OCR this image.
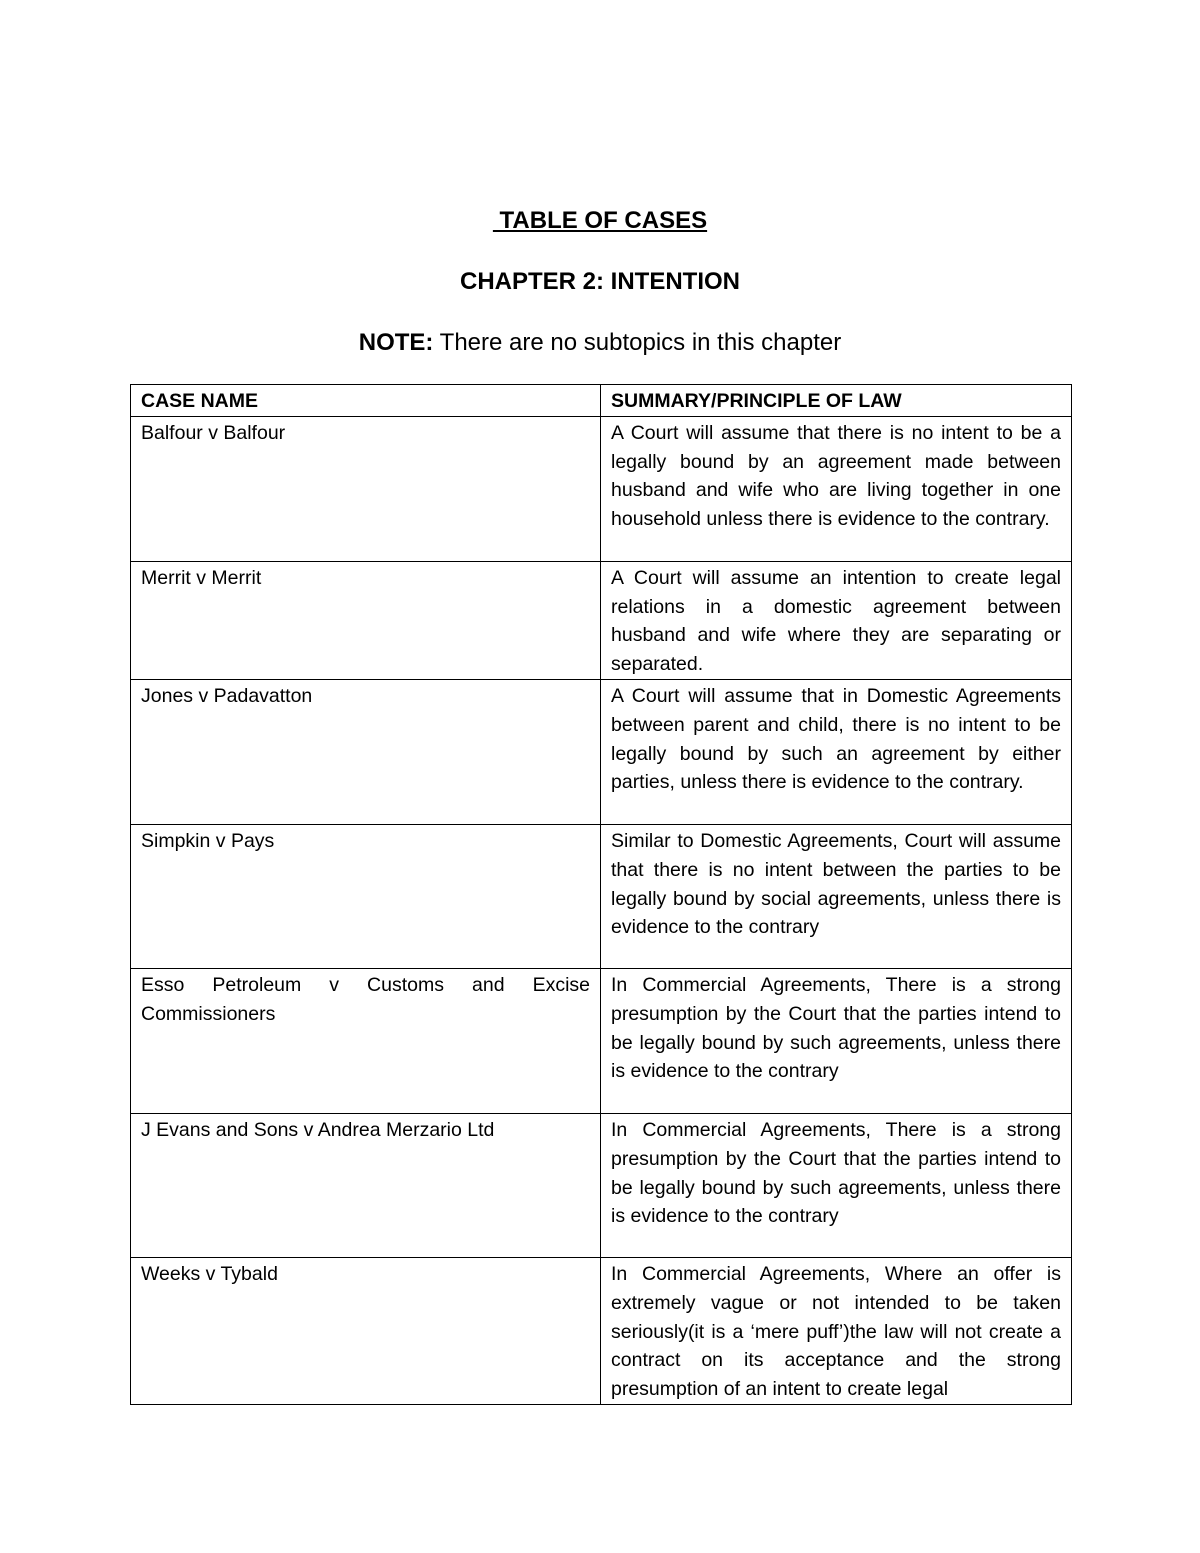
TABLE OF CASES
CHAPTER 2: INTENTION

NOTE: There are no subtopics in this chapter

CASE NAME	SUMMARY/PRINCIPLE OF LAW
Balfour v Balfour	A Court will assume that there is no intent to be a legally bound by an agreement made between husband and wife who are living together in one household unless there is evidence to the contrary.
Merrit v Merrit	A Court will assume an intention to create legal relations in a domestic agreement between husband and wife where they are separating or separated.
Jones v Padavatton	A Court will assume that in Domestic Agreements between parent and child, there is no intent to be legally bound by such an agreement by either parties, unless there is evidence to the contrary.
Simpkin v Pays	Similar to Domestic Agreements, Court will assume that there is no intent between the parties to be legally bound by social agreements, unless there is evidence to the contrary
Esso Petroleum v Customs and Excise Commissioners	In Commercial Agreements, There is a strong presumption by the Court that the parties intend to be legally bound by such agreements, unless there is evidence to the contrary
J Evans and Sons v Andrea Merzario Ltd	In Commercial Agreements, There is a strong presumption by the Court that the parties intend to be legally bound by such agreements, unless there is evidence to the contrary
Weeks v Tybald	In Commercial Agreements, Where an offer is extremely vague or not intended to be taken seriously(it is a ‘mere puff’)the law will not create a contract on its acceptance and the strong presumption of an intent to create legal
